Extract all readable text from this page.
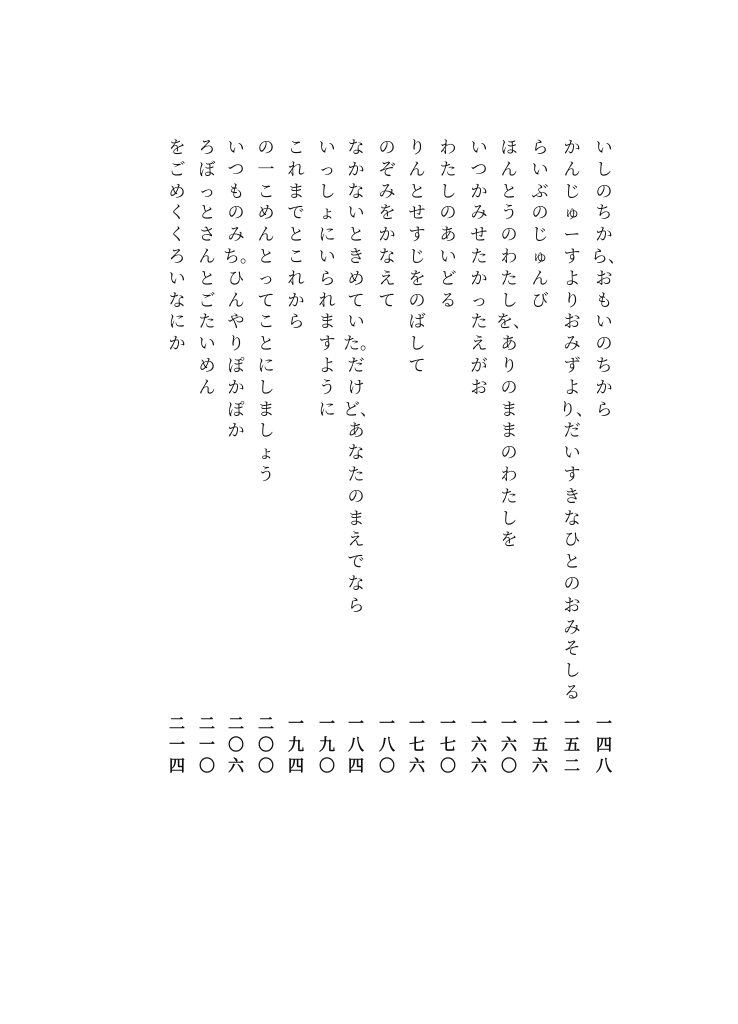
いしのちから、おもいのちから
一四八
かんじゅーすよりおみずより、だいすきなひとのおみそしる
一五二
らいぶのじゅんび
一五六
ほんとうのわたしを、ありのままのわたしを
一六〇
いつかみせたかったえがお
一六六
わたしのあいどる
一七〇
りんとせすじをのばして
一七六
のぞみをかなえて
一八〇
なかないときめていた。だけど、あなたのまえでなら
一八四
いっしょにいられますように
一九〇
これまでとこれから
一九四
の一こめんとってことにしましょう
二〇〇
いつものみち。ひんやりぽかぽか
二〇六
ろぼっとさんとごたいめん
二一〇
をごめくくろいなにか
二一四
